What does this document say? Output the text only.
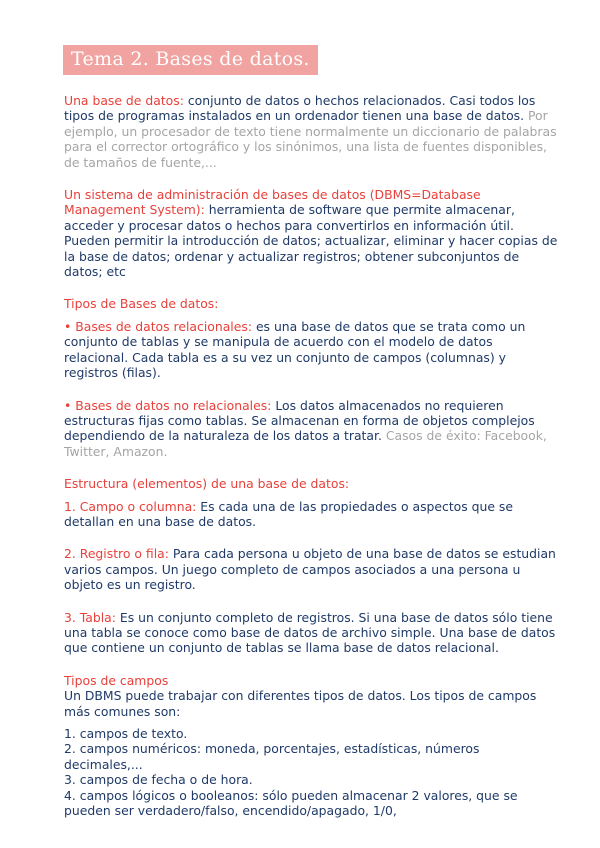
Tema 2. Bases de datos.

Una base de datos: conjunto de datos o hechos relacionados. Casi todos los tipos de programas instalados en un ordenador tienen una base de datos. Por ejemplo, un procesador de texto tiene normalmente un diccionario de palabras para el corrector ortográfico y los sinónimos, una lista de fuentes disponibles, de tamaños de fuente,...

Un sistema de administración de bases de datos (DBMS=Database Management System): herramienta de software que permite almacenar, acceder y procesar datos o hechos para convertirlos en información útil. Pueden permitir la introducción de datos; actualizar, eliminar y hacer copias de la base de datos; ordenar y actualizar registros; obtener subconjuntos de datos; etc

Tipos de Bases de datos:

• Bases de datos relacionales: es una base de datos que se trata como un conjunto de tablas y se manipula de acuerdo con el modelo de datos relacional. Cada tabla es a su vez un conjunto de campos (columnas) y registros (filas).

• Bases de datos no relacionales: Los datos almacenados no requieren estructuras fijas como tablas. Se almacenan en forma de objetos complejos dependiendo de la naturaleza de los datos a tratar. Casos de éxito: Facebook, Twitter, Amazon.

Estructura (elementos) de una base de datos:

1. Campo o columna: Es cada una de las propiedades o aspectos que se detallan en una base de datos.

2. Registro o fila: Para cada persona u objeto de una base de datos se estudian varios campos. Un juego completo de campos asociados a una persona u objeto es un registro.

3. Tabla: Es un conjunto completo de registros. Si una base de datos sólo tiene una tabla se conoce como base de datos de archivo simple. Una base de datos que contiene un conjunto de tablas se llama base de datos relacional.

Tipos de campos

Un DBMS puede trabajar con diferentes tipos de datos. Los tipos de campos más comunes son:

1. campos de texto.
2. campos numéricos: moneda, porcentajes, estadísticas, números decimales,...
3. campos de fecha o de hora.
4. campos lógicos o booleanos: sólo pueden almacenar 2 valores, que se pueden ser verdadero/falso, encendido/apagado, 1/0,
